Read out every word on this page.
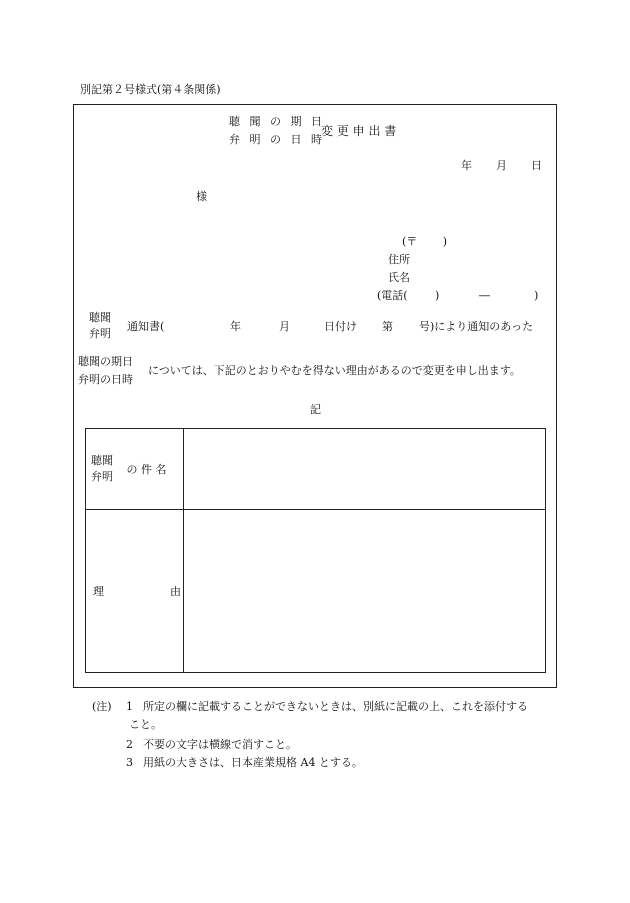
別記第２号様式(第４条関係)
聴 聞 の 期 日
弁 明 の 日 時
変 更 申 出 書
年 月 日
様
(〒　　 )
住所
氏名
(電話( )	―	)
聴聞
弁明
通知書(	年	月	日付け 第 号)により通知のあった
聴聞の期日
弁明の日時
については、下記のとおりやむを得ない理由があるので変更を申し出ます。
記
聴聞
弁明 の 件 名	

理 由	

(注) 1 所定の欄に記載することができないときは、別紙に記載の上、これを添付する
こと。
2 不要の文字は横線で消すこと。
3 用紙の大きさは、日本産業規格 A4 とする。
